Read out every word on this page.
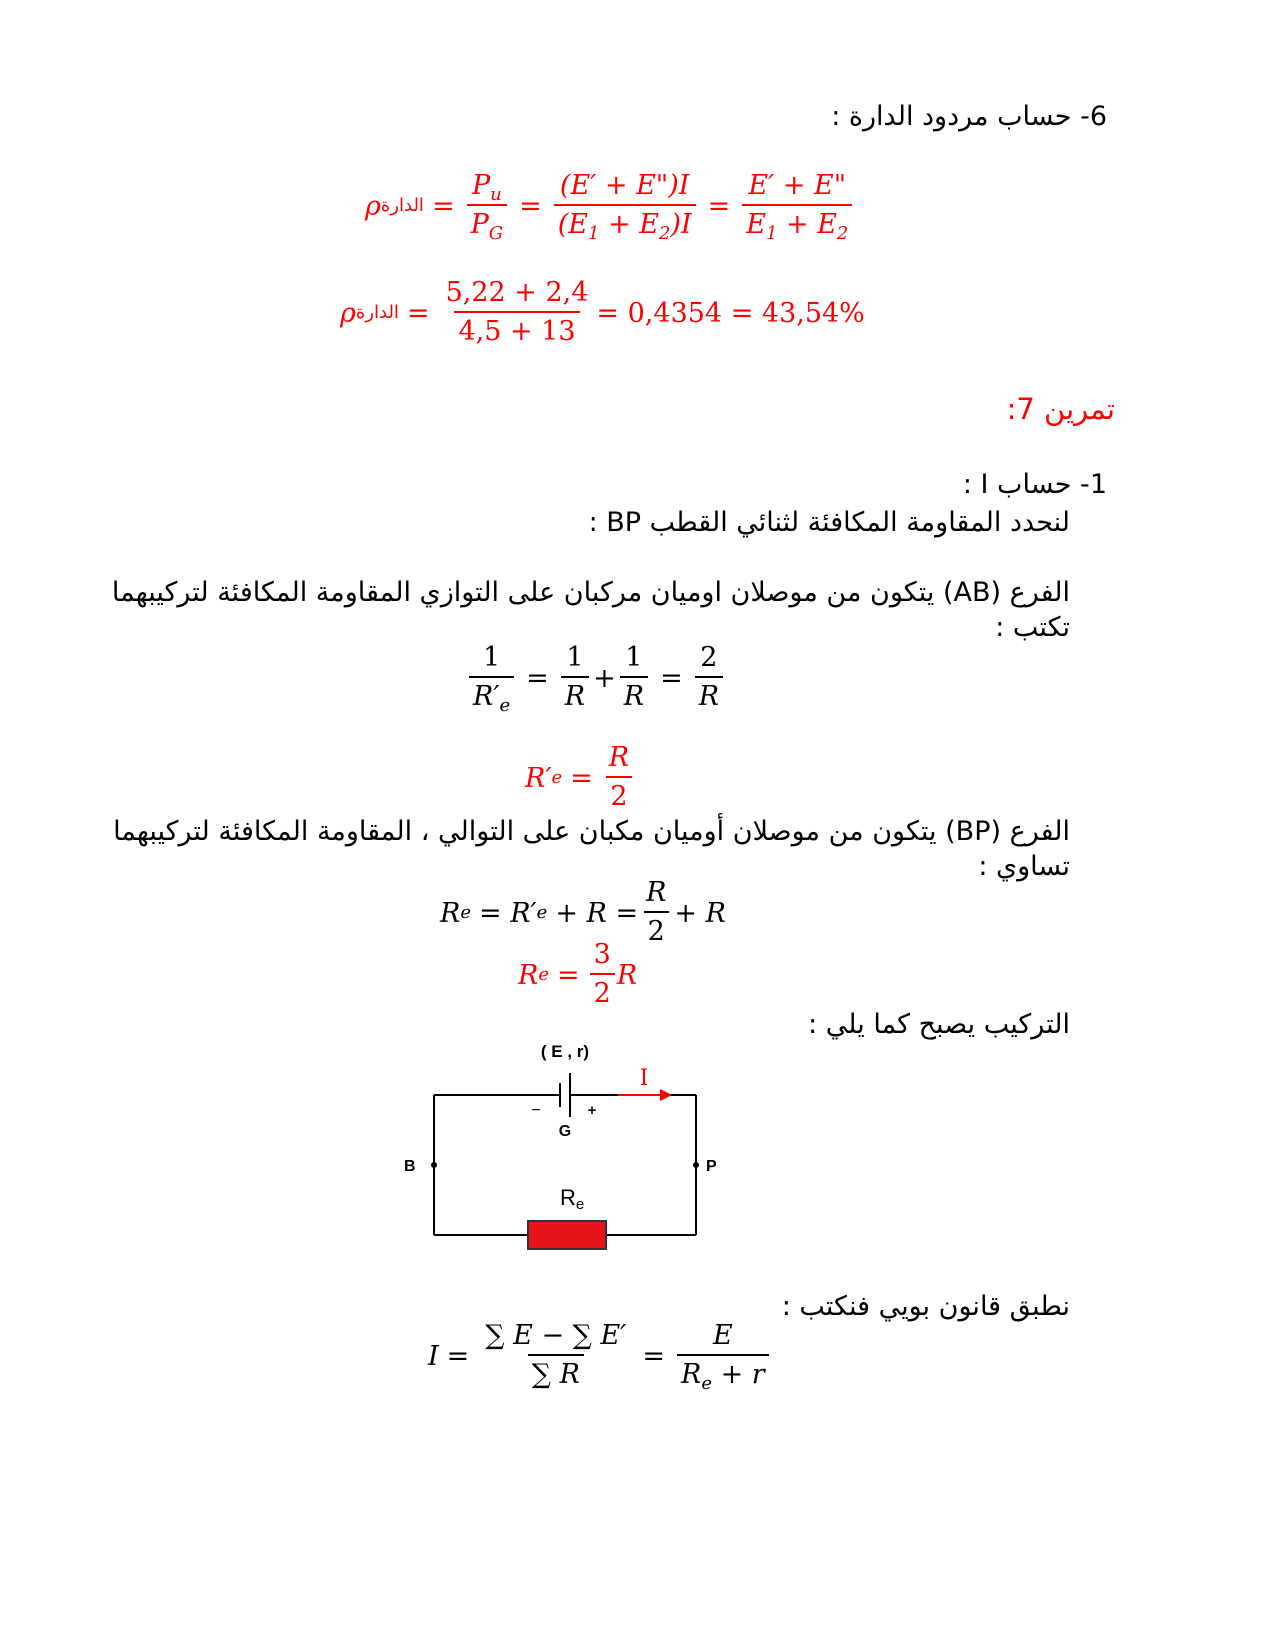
6- حساب مردود الدارة :
ρ الدارة = $\frac{P_u}{P_G} = \frac{(E' + E")I}{(E_1 + E_2)I} = \frac{E' + E"}{E_1 + E_2}$
ρ الدارة = $\frac{5,22 + 2,4}{4,5 + 13} = 0,4354 = 43,54\%$
تمرين 7:
1- حساب I :
لنحدد المقاومة المكافئة لثنائي القطب BP :
الفرع (AB) يتكون من موصلان اوميان مركبان على التوازي المقاومة المكافئة لتركيبهما
تكتب :
$\frac{1}{R'_e} = \frac{1}{R} + \frac{1}{R} = \frac{2}{R}$
R′ $e = \frac{R}{2}$
الفرع (BP) يتكون من موصلان أوميان مكبان على التوالي ، المقاومة المكافئة لتركيبهما
تساوي :
R e = R′ $e + R = \frac{R}{2} + R$
R $e = \frac{3}{2}$ R
التركيب يصبح كما يلي :
( E , r)
−	+
G
I
B	P
Re
نطبق قانون بويي فنكتب :
$I = \frac{\sum E - \sum E'}{\sum R} = \frac{E}{R_e + r}$
